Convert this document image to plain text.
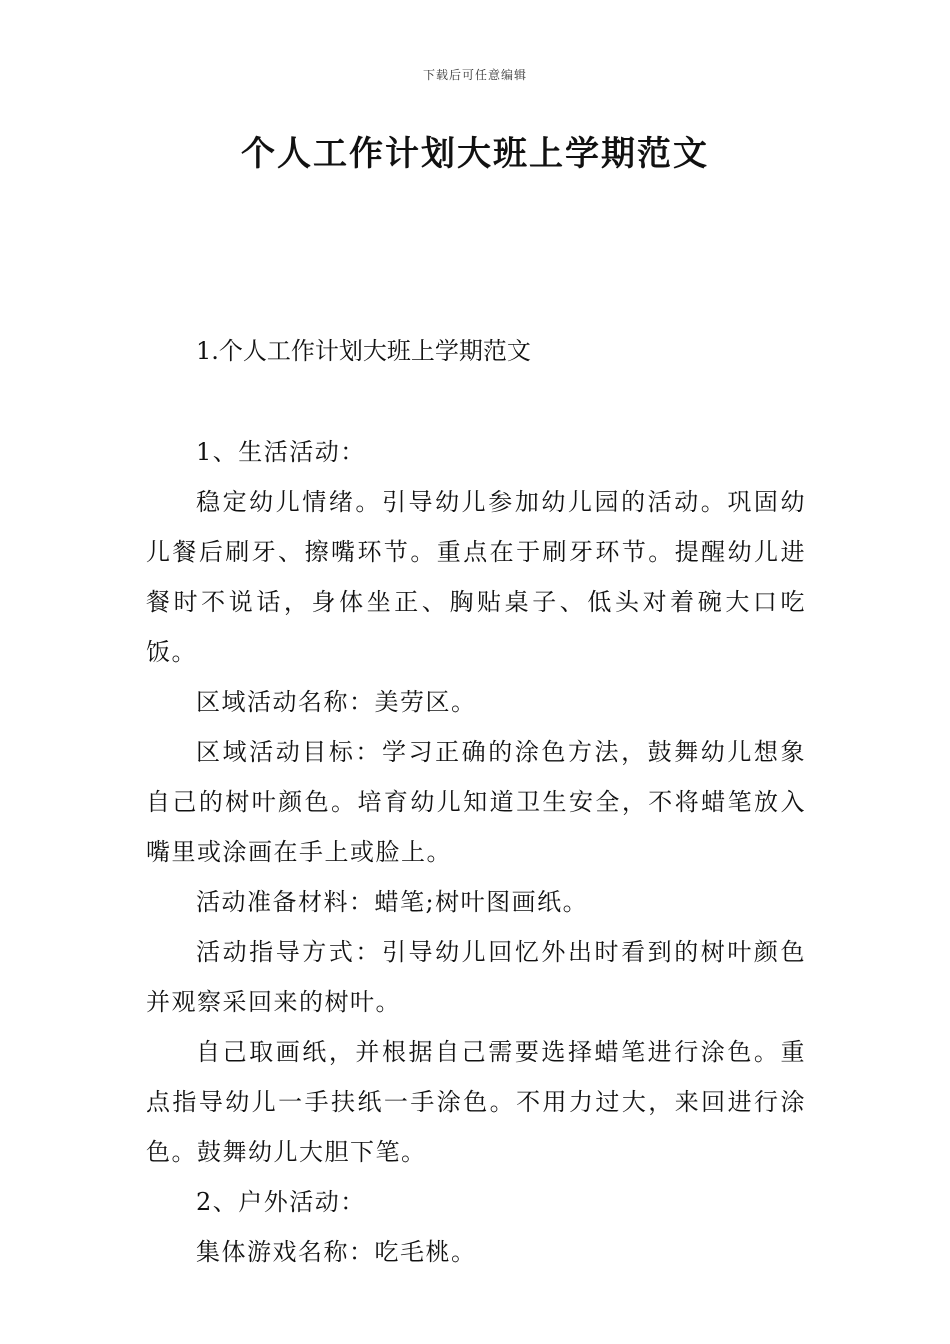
下载后可任意编辑
个人工作计划大班上学期范文
1.个人工作计划大班上学期范文

1、生活活动：

稳定幼儿情绪。引导幼儿参加幼儿园的活动。巩固幼儿餐后刷牙、擦嘴环节。重点在于刷牙环节。提醒幼儿进餐时不说话，身体坐正、胸贴桌子、低头对着碗大口吃饭。

区域活动名称：美劳区。

区域活动目标：学习正确的涂色方法，鼓舞幼儿想象自己的树叶颜色。培育幼儿知道卫生安全，不将蜡笔放入嘴里或涂画在手上或脸上。

活动准备材料：蜡笔;树叶图画纸。

活动指导方式：引导幼儿回忆外出时看到的树叶颜色并观察采回来的树叶。

自己取画纸，并根据自己需要选择蜡笔进行涂色。重点指导幼儿一手扶纸一手涂色。不用力过大，来回进行涂色。鼓舞幼儿大胆下笔。

2、户外活动：

集体游戏名称：吃毛桃。
